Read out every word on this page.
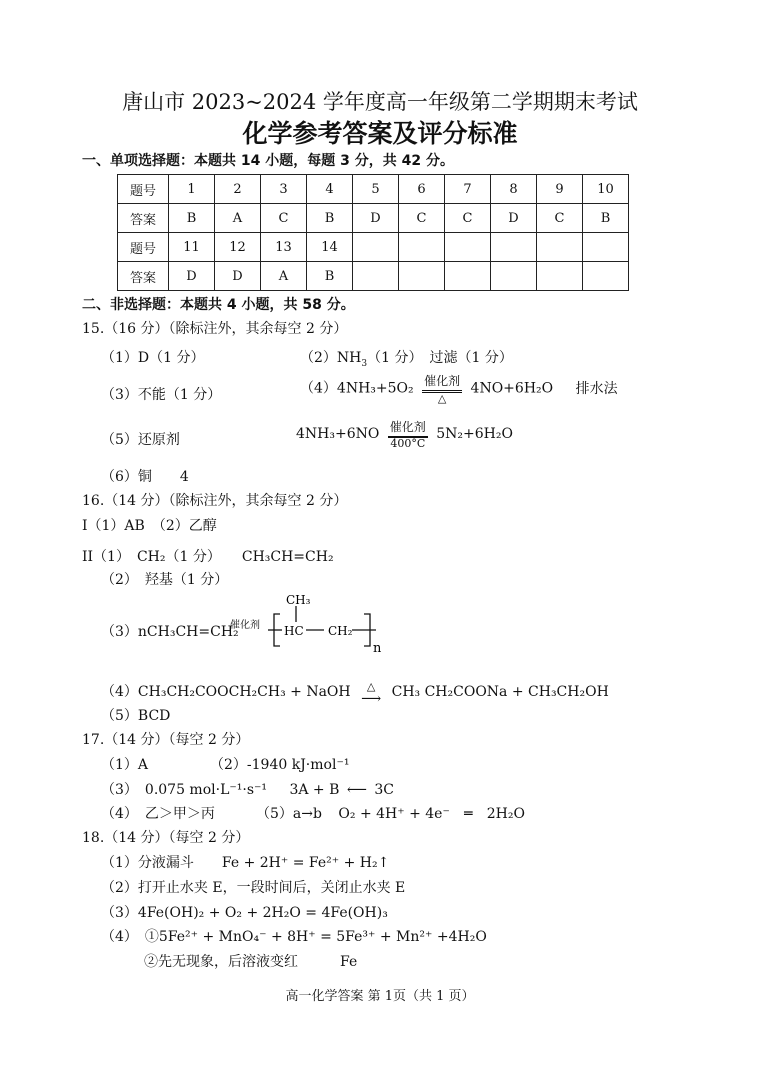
唐山市 2023~2024 学年度高一年级第二学期期末考试
化学参考答案及评分标准
一、单项选择题：本题共 14 小题，每题 3 分，共 42 分。
题号	1	2	3	4	5	6	7	8	9	10
答案	B	A	C	B	D	C	C	D	C	B
题号	11	12	13	14						
答案	D	D	A	B						
二、非选择题：本题共 4 小题，共 58 分。
15.（16 分）（除标注外，其余每空 2 分）
（1）D（1 分）	$(2)NH_3(1$ 分）　过滤（1 分）
（3）不能（1 分）	$(4)4NH_3+5O_2 \frac{\text{催化剂}}{\triangle} 4NO+6H_2O$ 排水法
（5）还原剂	$4NH_3+6NO \frac{\text{催化剂}}{400^\circ C} 5N_2+6H_2O$
（6）铜　　4
16.（14 分）（除标注外，其余每空 2 分）
I（1）AB　（2）乙醇
II（1）　CH₂（1 分）　　CH₃CH=CH₂
（2）　羟基（1 分）
（3）nCH₃CH=CH₂
催化剂
CH₃
HC CH₂
n
（4）CH₃CH₂COOCH₂CH₃ + NaOH	△
⟶ CH₃ CH₂COONa + CH₃CH₂OH
（5）BCD
17.（14 分）（每空 2 分）
（1）A	（2）-1940 kJ·mol⁻¹
（3）　0.075 mol·L⁻¹·s⁻¹ 3A + B ⟵ 3C
（4）　乙＞甲＞丙	（5）a→b O₂ + 4H⁺ + 4e⁻ ═ 2H₂O
18.（14 分）（每空 2 分）
（1）分液漏斗　　Fe + 2H⁺ = Fe²⁺ + H₂↑
（2）打开止水夹 E，一段时间后，关闭止水夹 E
（3）4Fe(OH)₂ + O₂ + 2H₂O = 4Fe(OH)₃
（4）　①5Fe²⁺ + MnO₄⁻ + 8H⁺ = 5Fe³⁺ + Mn²⁺ +4H₂O
②先无现象，后溶液变红　　　Fe
高一化学答案 第 1页（共 1 页）
